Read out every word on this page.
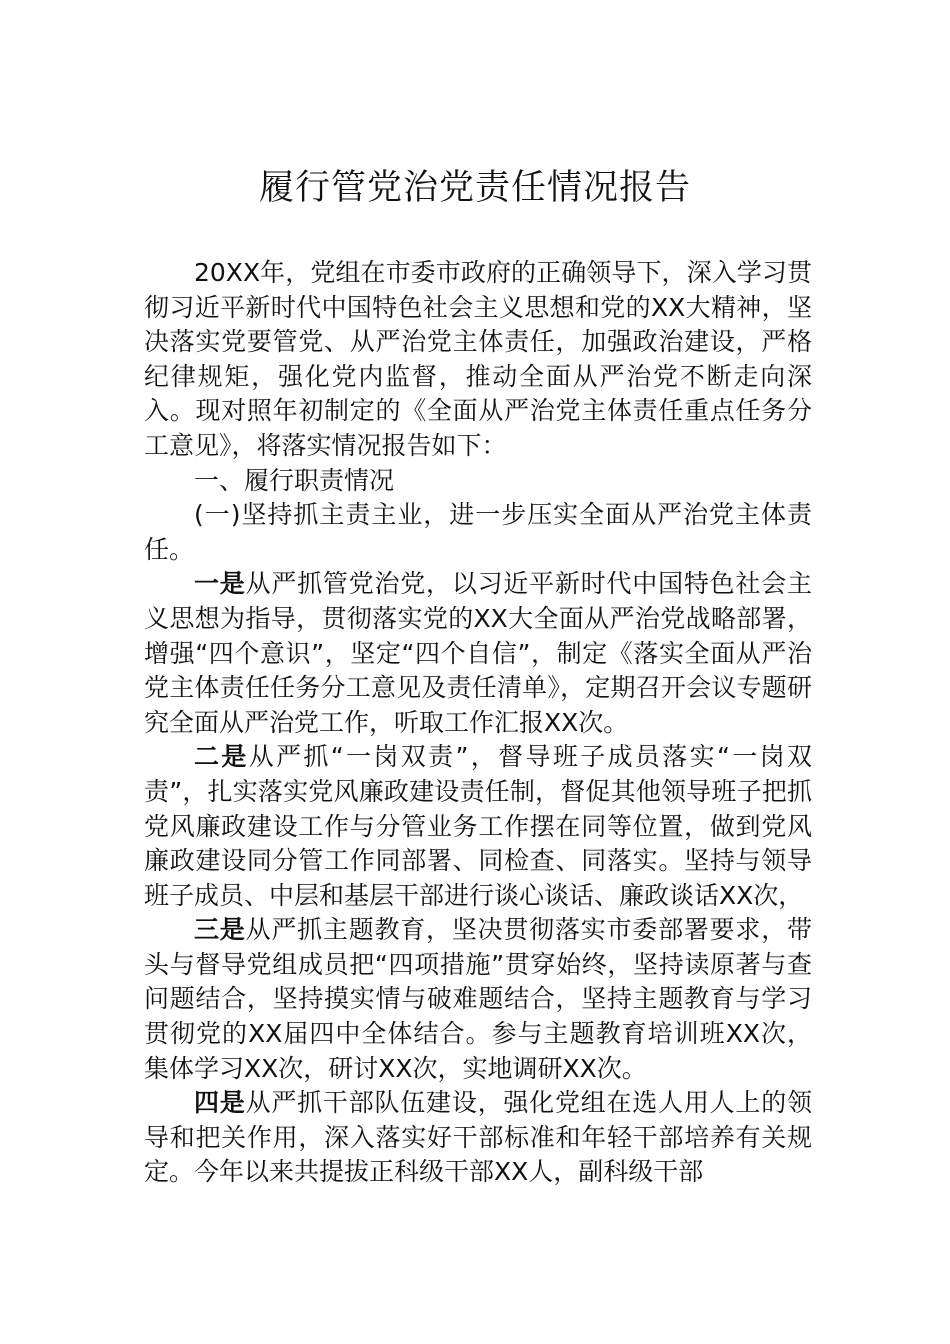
履行管党治党责任情况报告

20XX年，党组在市委市政府的正确领导下，深入学习贯彻习近平新时代中国特色社会主义思想和党的XX大精神，坚决落实党要管党、从严治党主体责任，加强政治建设，严格纪律规矩，强化党内监督，推动全面从严治党不断走向深入。现对照年初制定的《全面从严治党主体责任重点任务分工意见》，将落实情况报告如下：

一、履行职责情况

(一)坚持抓主责主业，进一步压实全面从严治党主体责任。

一是从严抓管党治党，以习近平新时代中国特色社会主义思想为指导，贯彻落实党的XX大全面从严治党战略部署，增强“四个意识”，坚定“四个自信”，制定《落实全面从严治党主体责任任务分工意见及责任清单》，定期召开会议专题研究全面从严治党工作，听取工作汇报XX次。

二是从严抓“一岗双责”，督导班子成员落实“一岗双责”，扎实落实党风廉政建设责任制，督促其他领导班子把抓党风廉政建设工作与分管业务工作摆在同等位置，做到党风廉政建设同分管工作同部署、同检查、同落实。坚持与领导班子成员、中层和基层干部进行谈心谈话、廉政谈话XX次，

三是从严抓主题教育，坚决贯彻落实市委部署要求，带头与督导党组成员把“四项措施”贯穿始终，坚持读原著与查问题结合，坚持摸实情与破难题结合，坚持主题教育与学习贯彻党的XX届四中全体结合。参与主题教育培训班XX次，集体学习XX次，研讨XX次，实地调研XX次。

四是从严抓干部队伍建设，强化党组在选人用人上的领导和把关作用，深入落实好干部标准和年轻干部培养有关规定。今年以来共提拔正科级干部XX人，副科级干部
